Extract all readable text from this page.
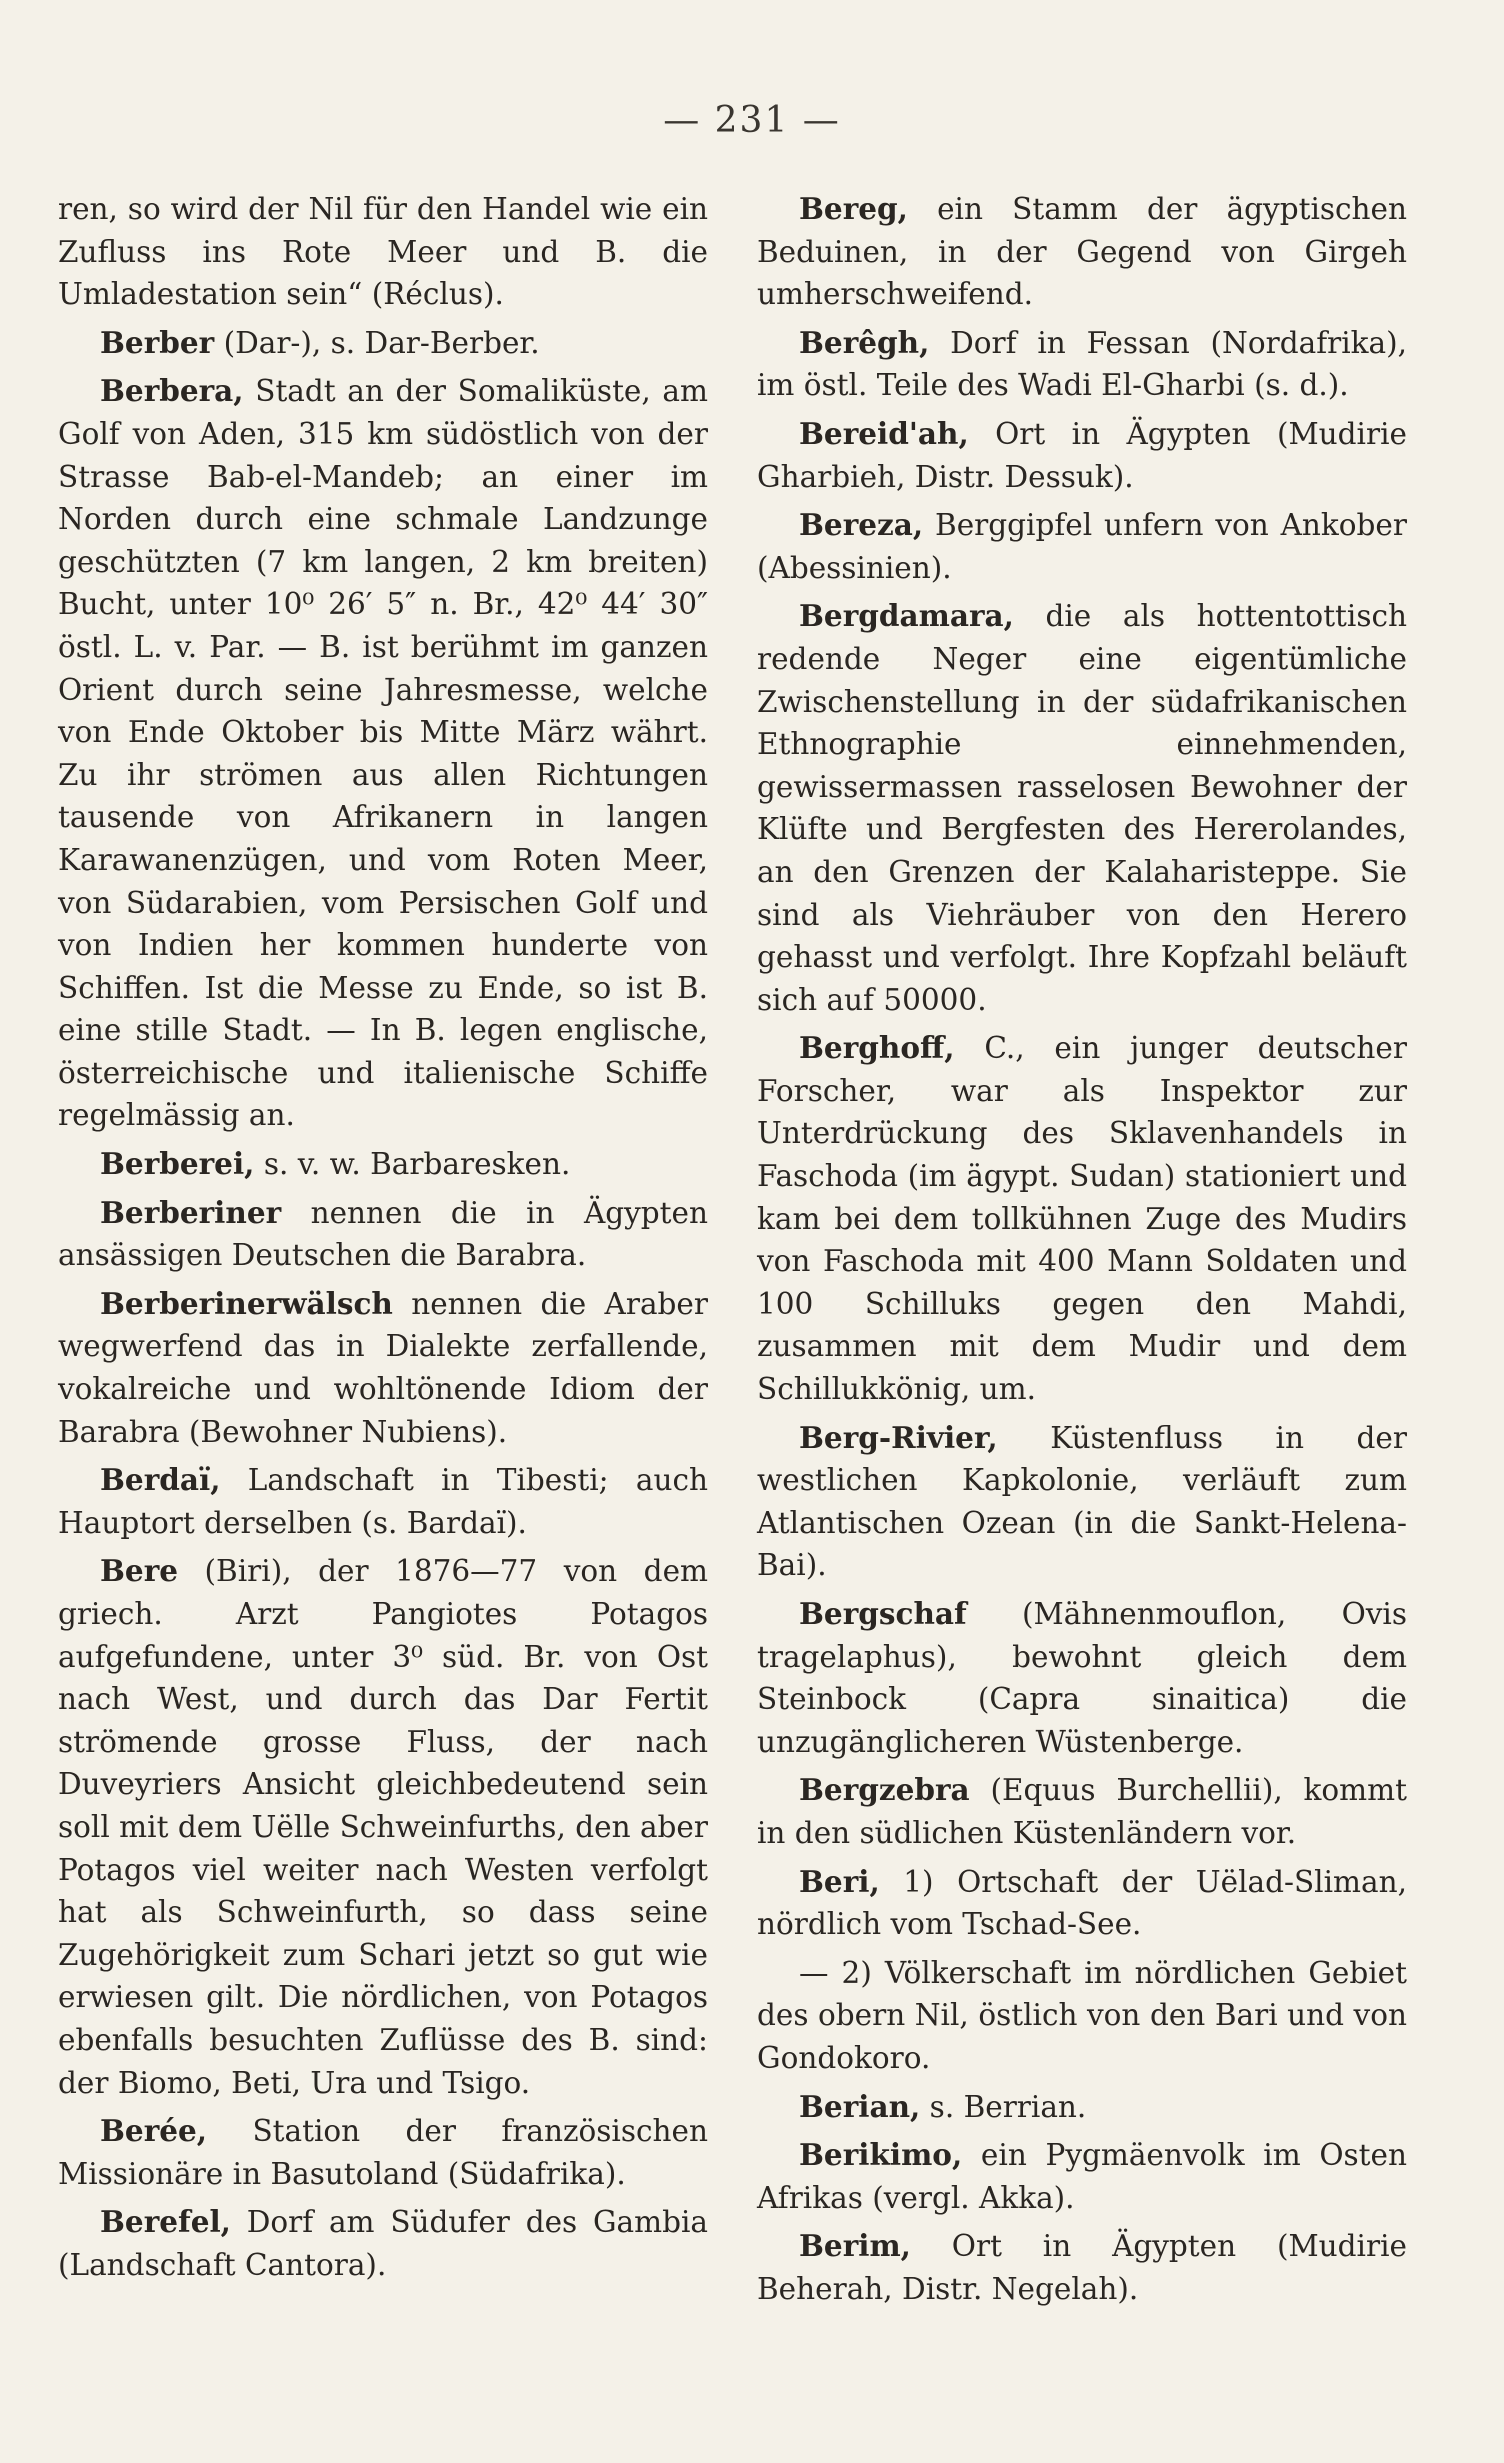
— 231 —

ren, so wird der Nil für den Handel wie ein Zufluss ins Rote Meer und B. die Umladestation sein“ (Réclus).

Berber (Dar-), s. Dar-Berber.

Berbera, Stadt an der Somaliküste, am Golf von Aden, 315 km südöstlich von der Strasse Bab-el-Mandeb; an einer im Norden durch eine schmale Landzunge geschützten (7 km langen, 2 km breiten) Bucht, unter 10⁰ 26′ 5″ n. Br., 42⁰ 44′ 30″ östl. L. v. Par. — B. ist berühmt im ganzen Orient durch seine Jahresmesse, welche von Ende Oktober bis Mitte März währt. Zu ihr strömen aus allen Richtungen tausende von Afrikanern in langen Karawanenzügen, und vom Roten Meer, von Südarabien, vom Persischen Golf und von Indien her kommen hunderte von Schiffen. Ist die Messe zu Ende, so ist B. eine stille Stadt. — In B. legen englische, österreichische und italienische Schiffe regelmässig an.

Berberei, s. v. w. Barbaresken.

Berberiner nennen die in Ägypten ansässigen Deutschen die Barabra.

Berberinerwälsch nennen die Araber wegwerfend das in Dialekte zerfallende, vokalreiche und wohltönende Idiom der Barabra (Bewohner Nubiens).

Berdaï, Landschaft in Tibesti; auch Hauptort derselben (s. Bardaï).

Bere (Biri), der 1876—77 von dem griech. Arzt Pangiotes Potagos aufgefundene, unter 3⁰ süd. Br. von Ost nach West, und durch das Dar Fertit strömende grosse Fluss, der nach Duveyriers Ansicht gleichbedeutend sein soll mit dem Uëlle Schweinfurths, den aber Potagos viel weiter nach Westen verfolgt hat als Schweinfurth, so dass seine Zugehörigkeit zum Schari jetzt so gut wie erwiesen gilt. Die nördlichen, von Potagos ebenfalls besuchten Zuflüsse des B. sind: der Biomo, Beti, Ura und Tsigo.

Berée, Station der französischen Missionäre in Basutoland (Südafrika).

Berefel, Dorf am Südufer des Gambia (Landschaft Cantora).

Bereg, ein Stamm der ägyptischen Beduinen, in der Gegend von Girgeh umherschweifend.

Berêgh, Dorf in Fessan (Nordafrika), im östl. Teile des Wadi El-Gharbi (s. d.).

Bereid'ah, Ort in Ägypten (Mudirie Gharbieh, Distr. Dessuk).

Bereza, Berggipfel unfern von Ankober (Abessinien).

Bergdamara, die als hottentottisch redende Neger eine eigentümliche Zwischenstellung in der südafrikanischen Ethnographie einnehmenden, gewissermassen rasselosen Bewohner der Klüfte und Bergfesten des Hererolandes, an den Grenzen der Kalaharisteppe. Sie sind als Viehräuber von den Herero gehasst und verfolgt. Ihre Kopfzahl beläuft sich auf 50000.

Berghoff, C., ein junger deutscher Forscher, war als Inspektor zur Unterdrückung des Sklavenhandels in Faschoda (im ägypt. Sudan) stationiert und kam bei dem tollkühnen Zuge des Mudirs von Faschoda mit 400 Mann Soldaten und 100 Schilluks gegen den Mahdi, zusammen mit dem Mudir und dem Schillukkönig, um.

Berg-Rivier, Küstenfluss in der westlichen Kapkolonie, verläuft zum Atlantischen Ozean (in die Sankt-Helena-Bai).

Bergschaf (Mähnenmouflon, Ovis tragelaphus), bewohnt gleich dem Steinbock (Capra sinaitica) die unzugänglicheren Wüstenberge.

Bergzebra (Equus Burchellii), kommt in den südlichen Küstenländern vor.

Beri, 1) Ortschaft der Uëlad-Sliman, nördlich vom Tschad-See.

— 2) Völkerschaft im nördlichen Gebiet des obern Nil, östlich von den Bari und von Gondokoro.

Berian, s. Berrian.

Berikimo, ein Pygmäenvolk im Osten Afrikas (vergl. Akka).

Berim, Ort in Ägypten (Mudirie Beherah, Distr. Negelah).
